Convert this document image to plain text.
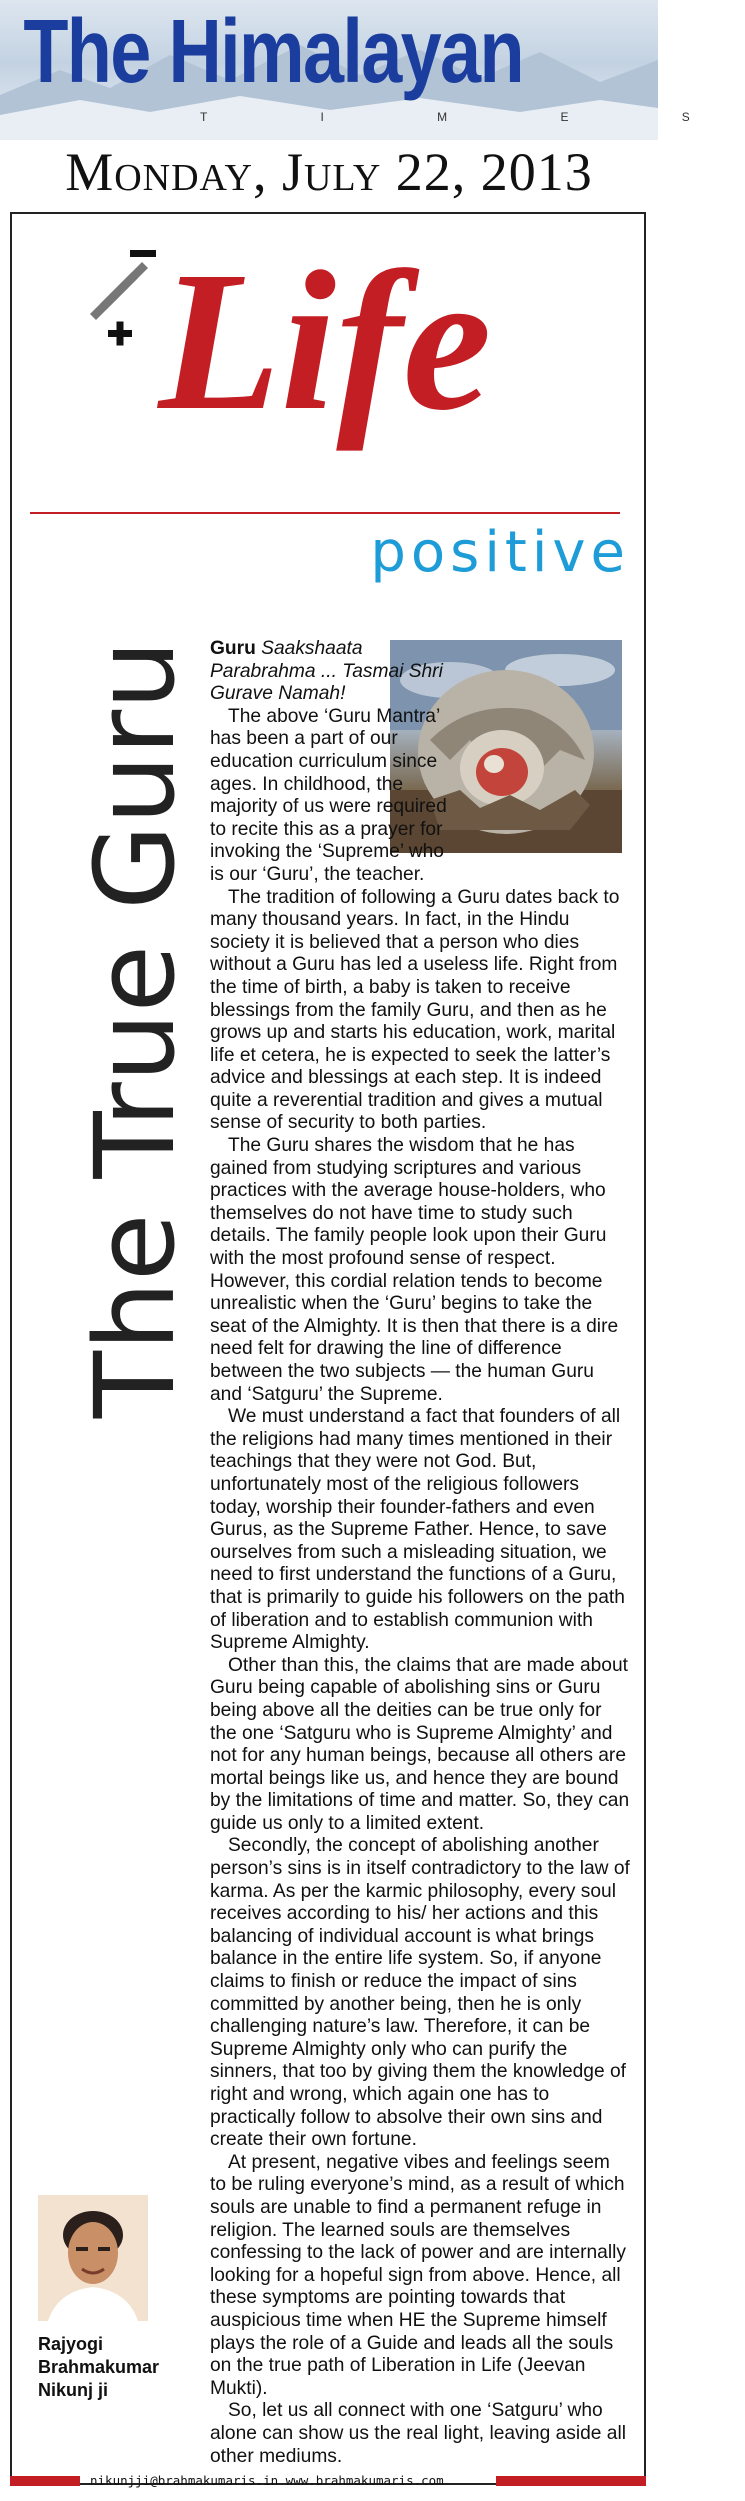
The Himalayan
T I M E S
Monday, July 22, 2013
Life
positive
The True Guru Guru Saakshaata Parabrahma ... Tasmai Shri Gurave Namah!

The above ‘Guru Mantra’ has been a part of our education curriculum since ages. In childhood, the majority of us were required to recite this as a prayer for invoking the ‘Supreme’ who is our ‘Guru’, the teacher.

The tradition of following a Guru dates back to many thousand years. In fact, in the Hindu society it is believed that a person who dies without a Guru has led a useless life. Right from the time of birth, a baby is taken to receive blessings from the family Guru, and then as he grows up and starts his education, work, marital life et cetera, he is expected to seek the latter’s advice and blessings at each step. It is indeed quite a reverential tradition and gives a mutual sense of security to both parties.

The Guru shares the wisdom that he has gained from studying scriptures and various practices with the average house-holders, who themselves do not have time to study such details. The family people look upon their Guru with the most profound sense of respect. However, this cordial relation tends to become unrealistic when the ‘Guru’ begins to take the seat of the Almighty. It is then that there is a dire need felt for drawing the line of difference between the two subjects — the human Guru and ‘Satguru’ the Supreme.

We must understand a fact that founders of all the religions had many times mentioned in their teachings that they were not God. But, unfortunately most of the religious followers today, worship their founder-fathers and even Gurus, as the Supreme Father. Hence, to save ourselves from such a misleading situation, we need to first understand the functions of a Guru, that is primarily to guide his followers on the path of liberation and to establish communion with Supreme Almighty.

Other than this, the claims that are made about Guru being capable of abolishing sins or Guru being above all the deities can be true only for the one ‘Satguru who is Supreme Almighty’ and not for any human beings, because all others are mortal beings like us, and hence they are bound by the limitations of time and matter. So, they can guide us only to a limited extent.

Secondly, the concept of abolishing another person’s sins is in itself contradictory to the law of karma. As per the karmic philosophy, every soul receives according to his/ her actions and this balancing of individual account is what brings balance in the entire life system. So, if anyone claims to finish or reduce the impact of sins committed by another being, then he is only challenging nature’s law. Therefore, it can be Supreme Almighty only who can purify the sinners, that too by giving them the knowledge of right and wrong, which again one has to practically follow to absolve their own sins and create their own fortune.

At present, negative vibes and feelings seem to be ruling everyone’s mind, as a result of which souls are unable to find a permanent refuge in religion. The learned souls are themselves confessing to the lack of power and are internally looking for a hopeful sign from above. Hence, all these symptoms are pointing towards that auspicious time when HE the Supreme himself plays the role of a Guide and leads all the souls on the true path of Liberation in Life (Jeevan Mukti).

So, let us all connect with one ‘Satguru’ who alone can show us the real light, leaving aside all other mediums.

Rajyogi
Brahmakumar
Nikunj ji
nikunjji@brahmakumaris.in www.brahmakumaris.com
